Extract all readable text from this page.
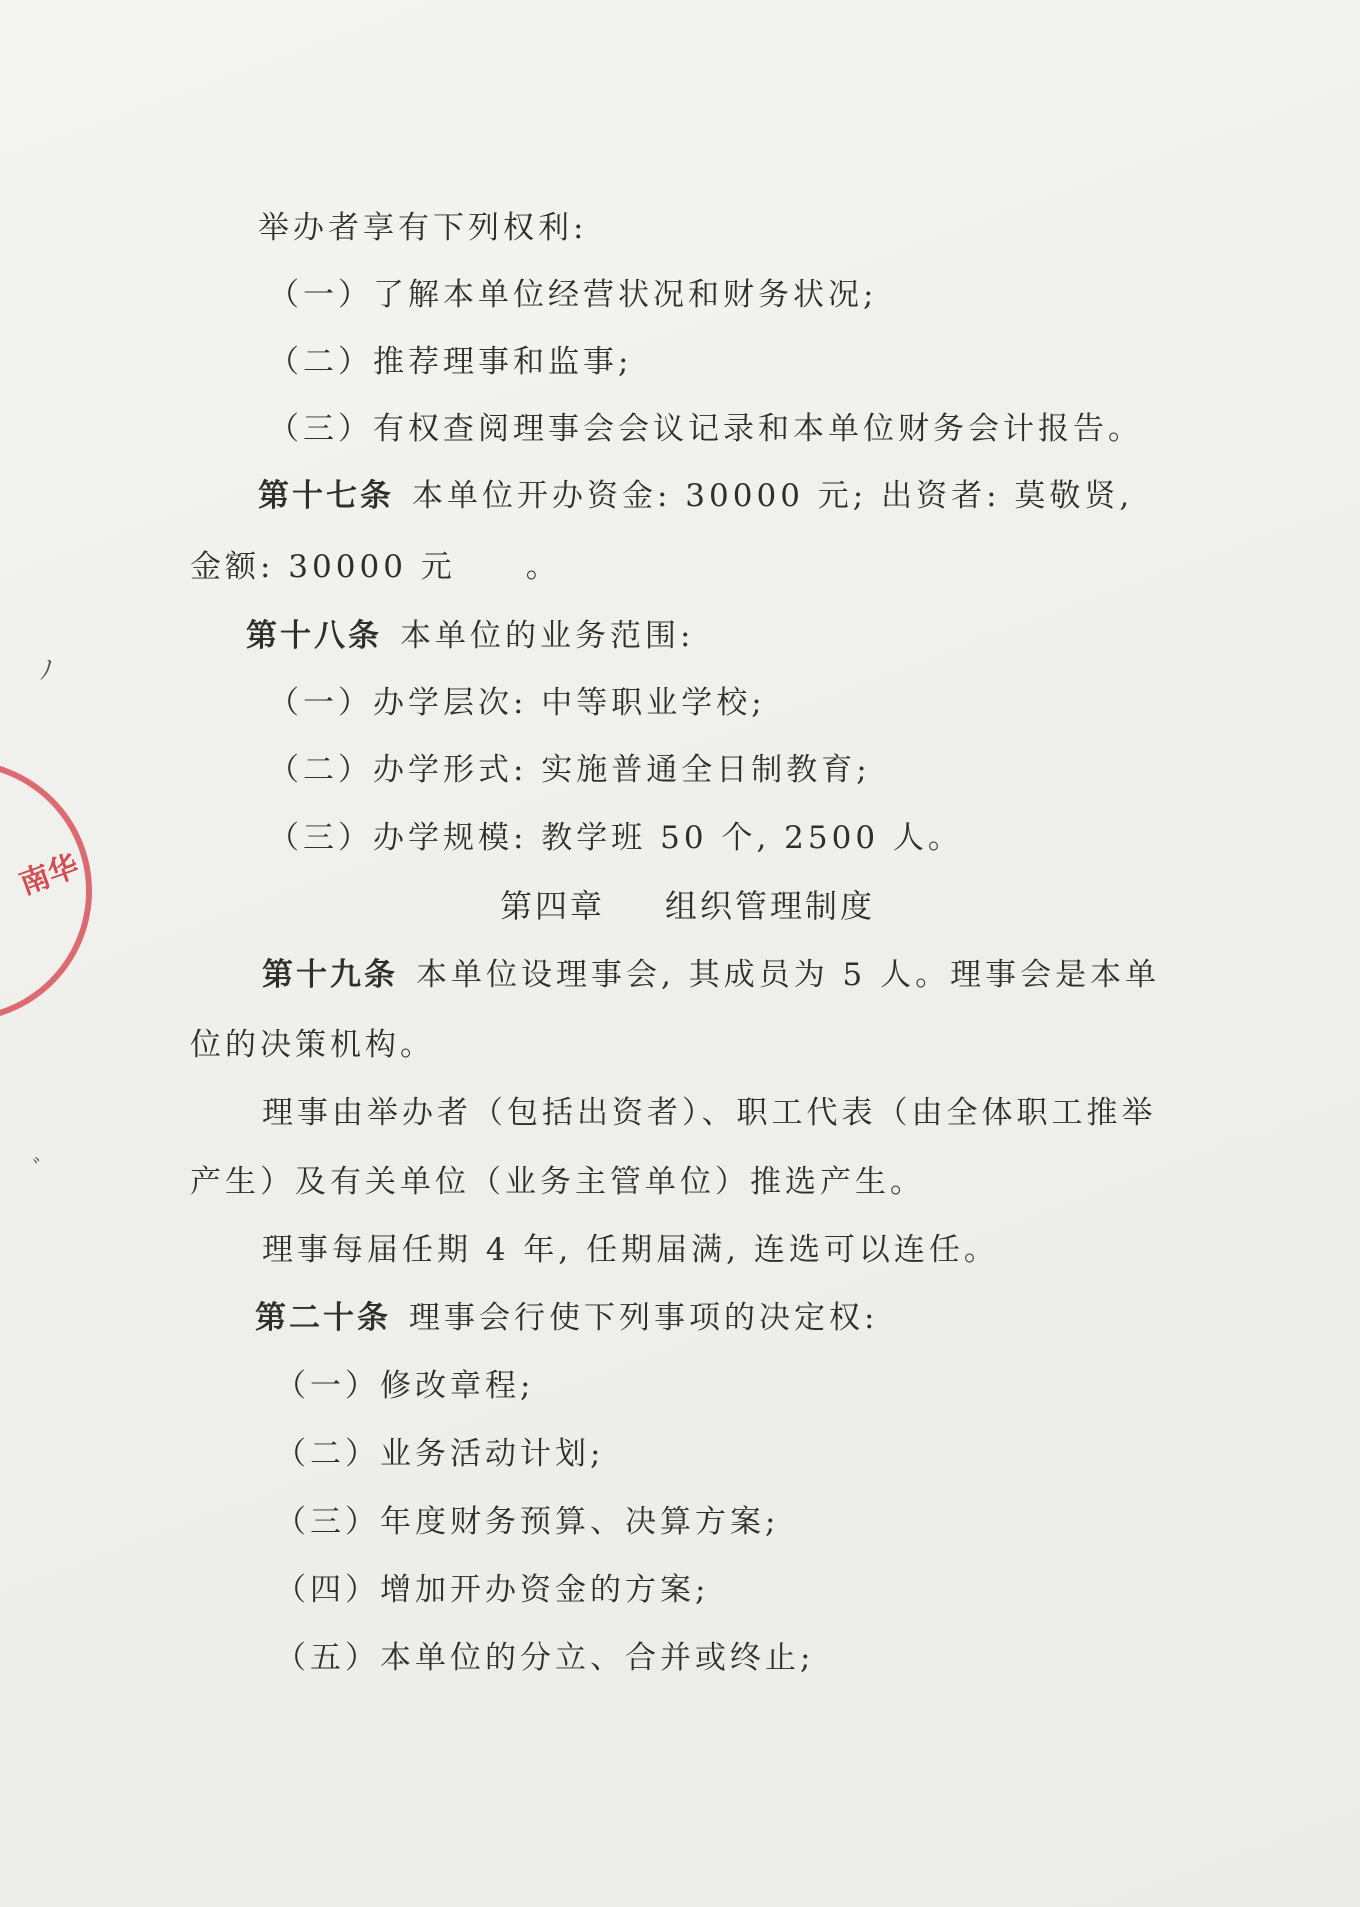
南华
ﾉ
ﾞ
举办者享有下列权利:
（一）了解本单位经营状况和财务状况;
（二）推荐理事和监事;
（三）有权查阅理事会会议记录和本单位财务会计报告。
第十七条 本单位开办资金: 30000 元; 出资者: 莫敬贤,
金额: 30000 元　　。
第十八条 本单位的业务范围:
（一）办学层次: 中等职业学校;
（二）办学形式: 实施普通全日制教育;
（三）办学规模: 教学班 50 个, 2500 人。
第四章 组织管理制度
第十九条 本单位设理事会, 其成员为 5 人。理事会是本单
位的决策机构。
理事由举办者（包括出资者）、职工代表（由全体职工推举
产生）及有关单位（业务主管单位）推选产生。
理事每届任期 4 年, 任期届满, 连选可以连任。
第二十条 理事会行使下列事项的决定权:
（一）修改章程;
（二）业务活动计划;
（三）年度财务预算、决算方案;
（四）增加开办资金的方案;
（五）本单位的分立、合并或终止;
